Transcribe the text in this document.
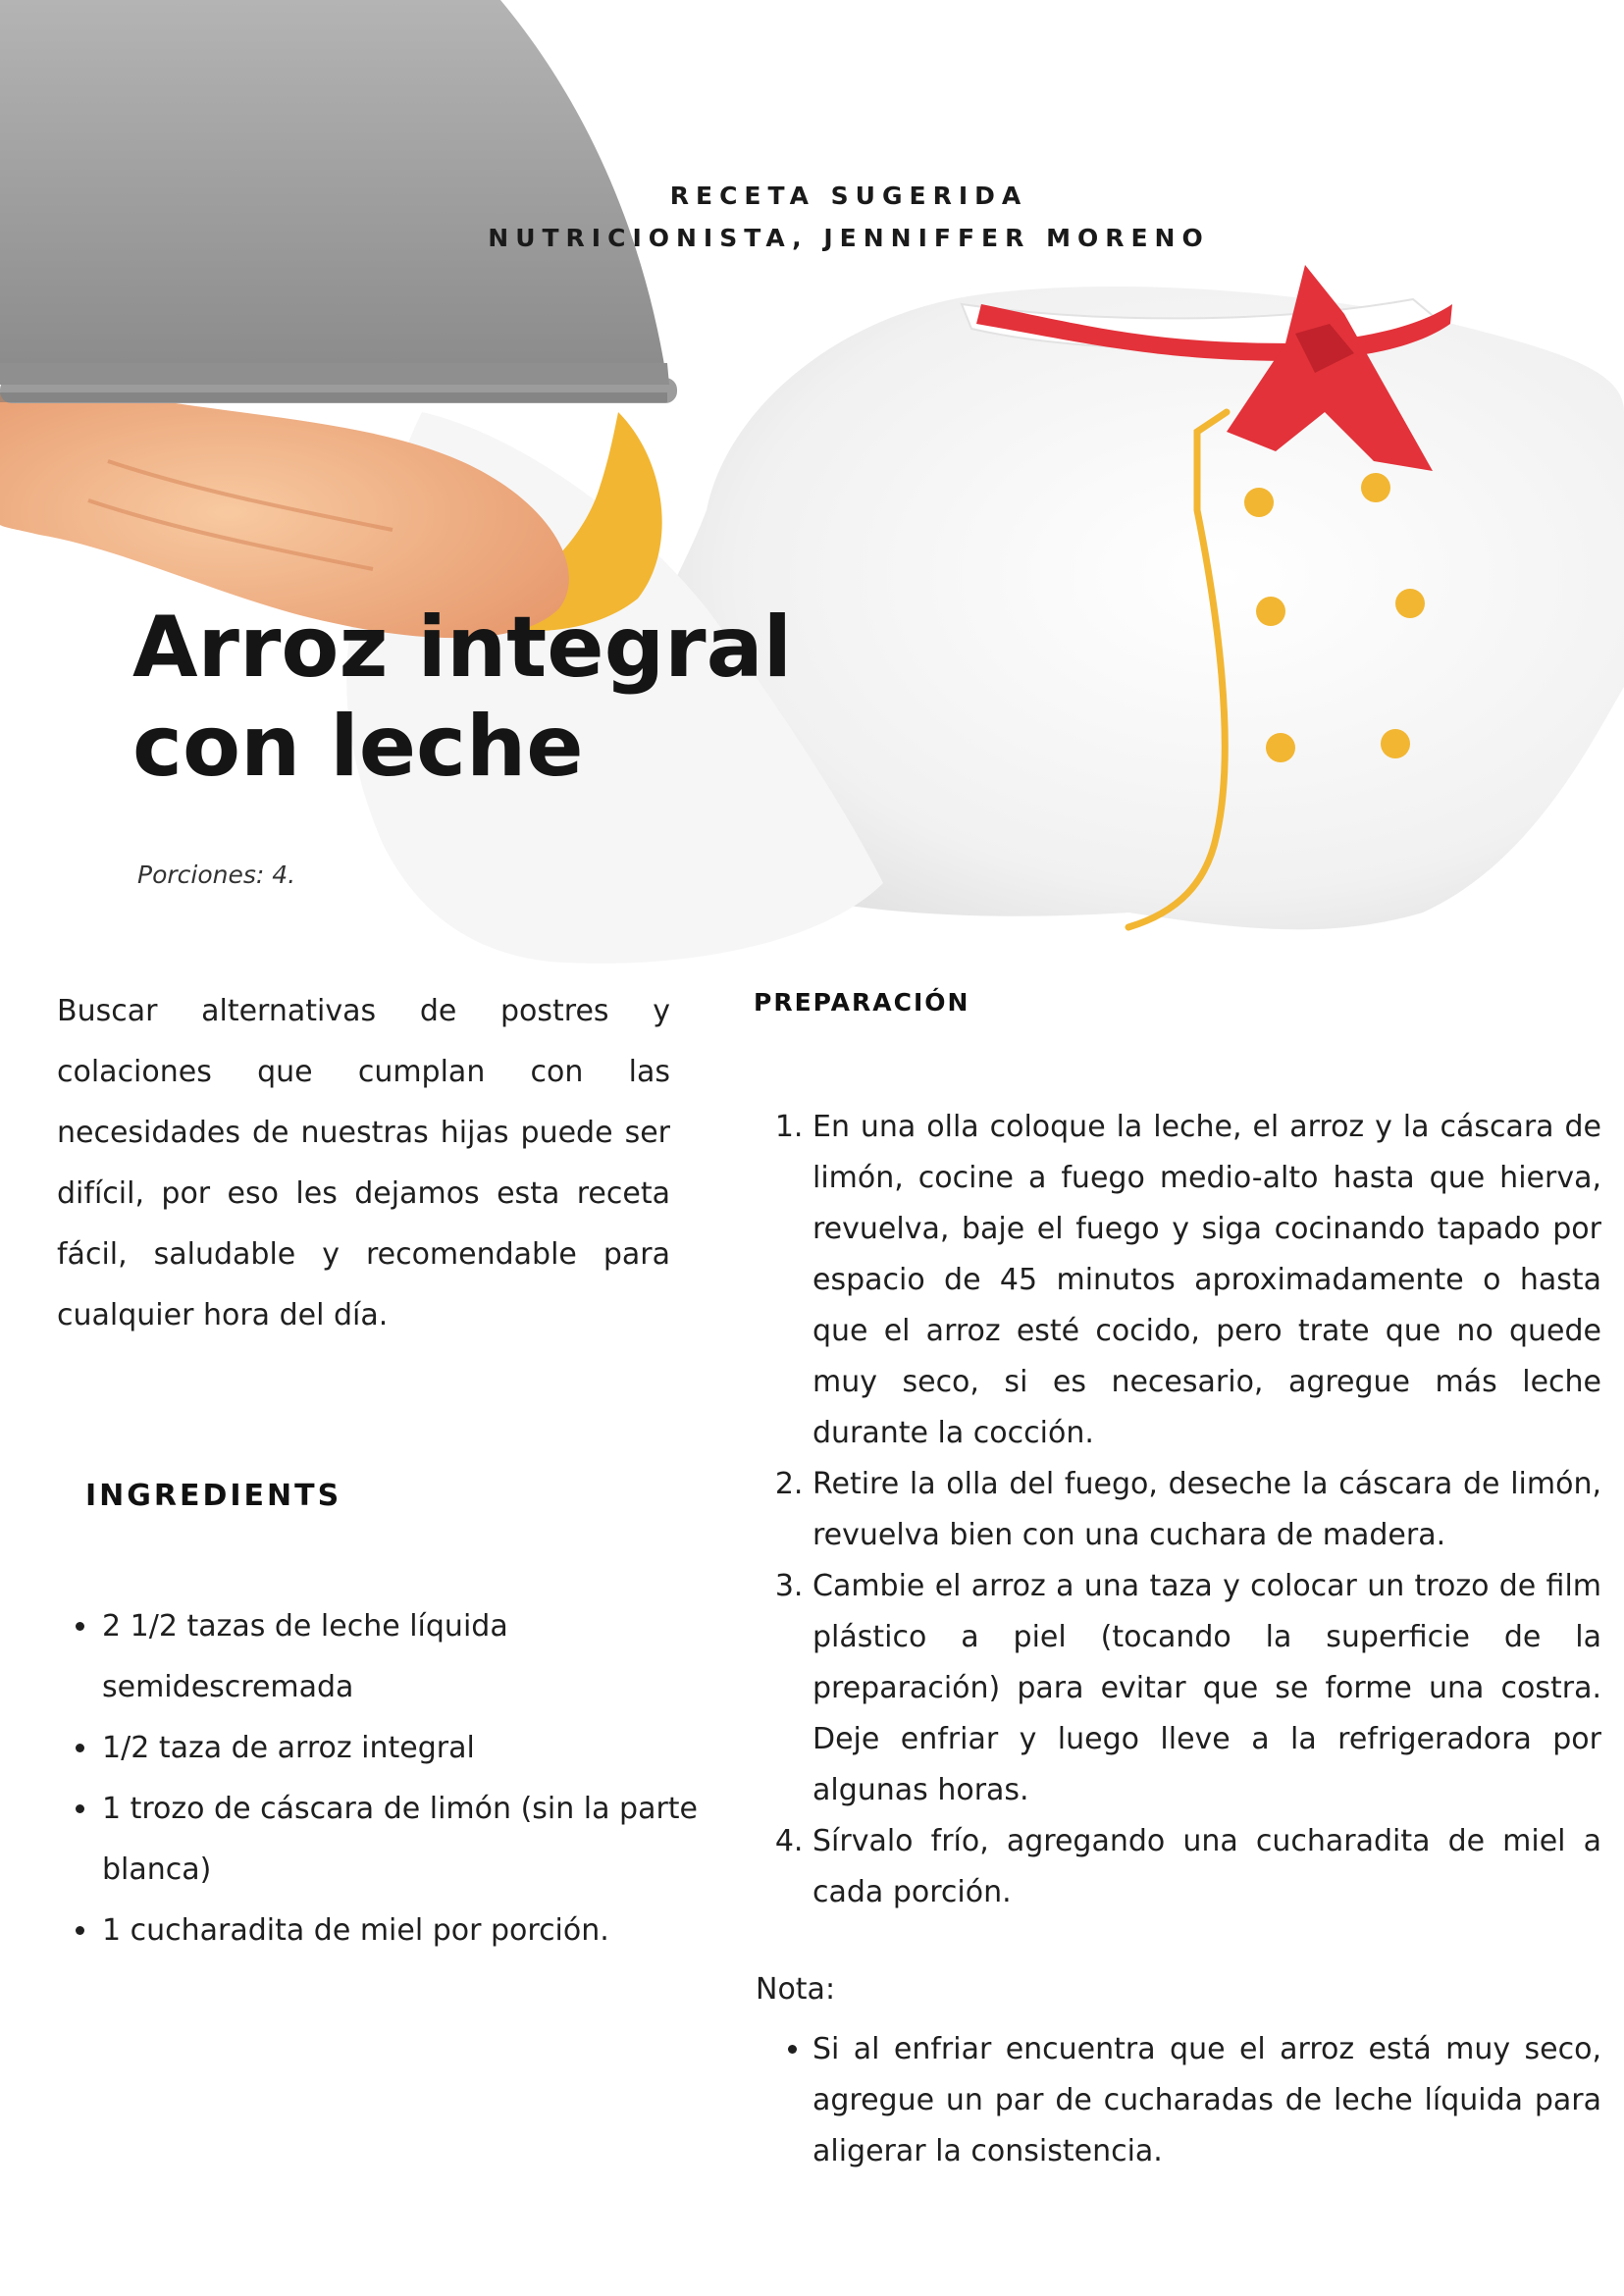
RECETA SUGERIDA
NUTRICIONISTA, JENNIFFER MORENO
Arroz integral
con leche
Porciones: 4.

Buscar alternativas de postres y colaciones que cumplan con las necesidades de nuestras hijas puede ser difícil, por eso les dejamos esta receta fácil, saludable y recomendable para cualquier hora del día.

INGREDIENTS
• 2 1/2 tazas de leche líquida semidescremada
• 1/2 taza de arroz integral
• 1 trozo de cáscara de limón (sin la parte blanca)
• 1 cucharadita de miel por porción.
PREPARACIÓN
1. En una olla coloque la leche, el arroz y la cáscara de limón, cocine a fuego medio-alto hasta que hierva, revuelva, baje el fuego y siga cocinando tapado por espacio de 45 minutos aproximadamente o hasta que el arroz esté cocido, pero trate que no quede muy seco, si es necesario, agregue más leche durante la cocción.
2. Retire la olla del fuego, deseche la cáscara de limón, revuelva bien con una cuchara de madera.
3. Cambie el arroz a una taza y colocar un trozo de film plástico a piel (tocando la superficie de la preparación) para evitar que se forme una costra. Deje enfriar y luego lleve a la refrigeradora por algunas horas.
4. Sírvalo frío, agregando una cucharadita de miel a cada porción.
Nota:
• Si al enfriar encuentra que el arroz está muy seco, agregue un par de cucharadas de leche líquida para aligerar la consistencia.
